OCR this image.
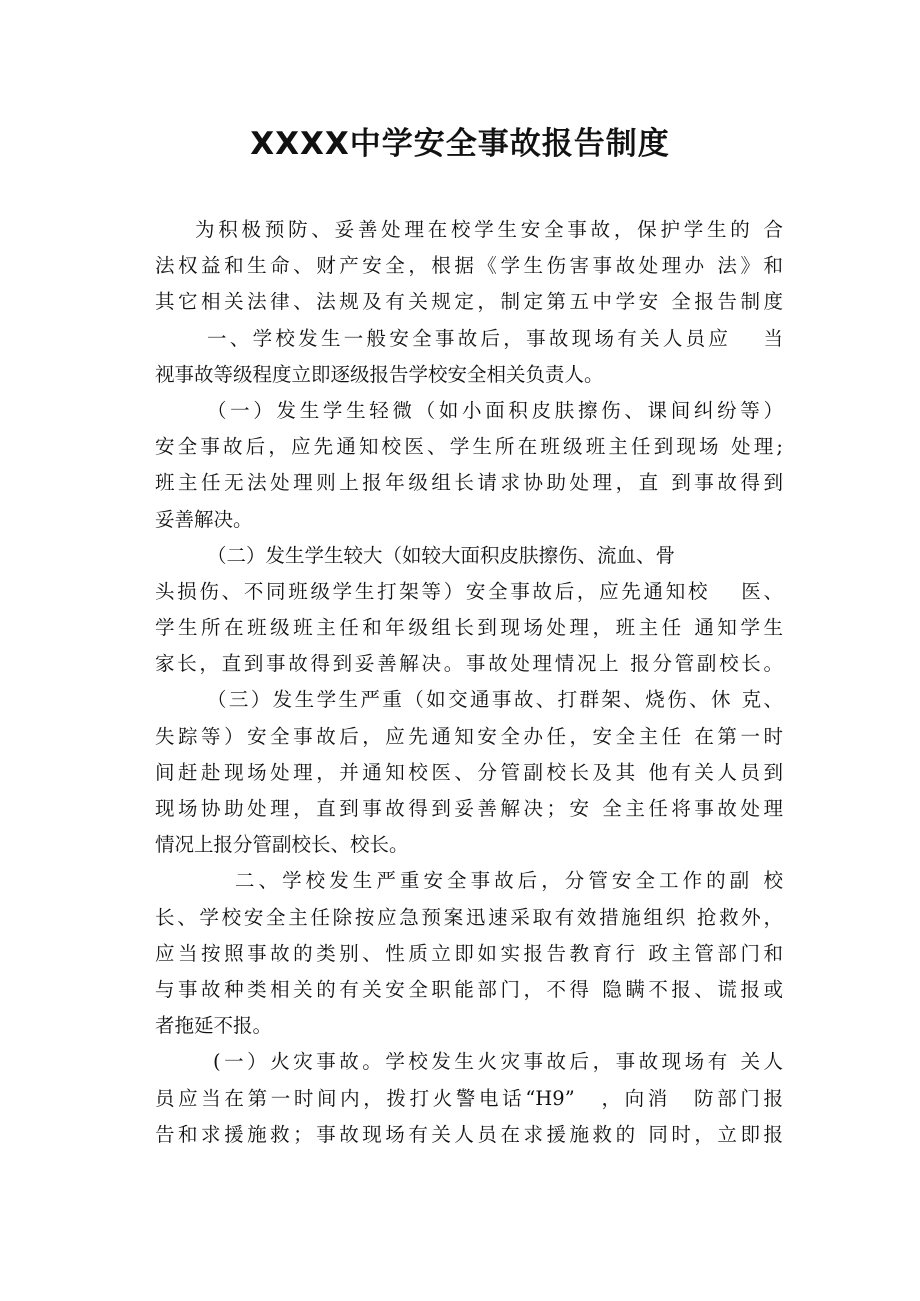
XXXX中学安全事故报告制度
为积极预防、妥善处理在校学生安全事故，保护学生的 合
法权益和生命、财产安全，根据《学生伤害事故处理办 法》和
其它相关法律、法规及有关规定，制定第五中学安 全报告制度
一、学校发生一般安全事故后，事故现场有关人员应 　当
视事故等级程度立即逐级报告学校安全相关负责人。
（一）发生学生轻微（如小面积皮肤擦伤、课间纠纷等）
安全事故后，应先通知校医、学生所在班级班主任到现场 处理;
班主任无法处理则上报年级组长请求协助处理，直 到事故得到
妥善解决。
（二）发生学生较大（如较大面积皮肤擦伤、流血、骨
头损伤、不同班级学生打架等）安全事故后，应先通知校 　医、
学生所在班级班主任和年级组长到现场处理，班主任 通知学生
家长，直到事故得到妥善解决。事故处理情况上 报分管副校长。
（三）发生学生严重（如交通事故、打群架、烧伤、休 克、
失踪等）安全事故后，应先通知安全办任，安全主任 在第一时
间赶赴现场处理，并通知校医、分管副校长及其 他有关人员到
现场协助处理，直到事故得到妥善解决；安 全主任将事故处理
情况上报分管副校长、校长。
二、学校发生严重安全事故后，分管安全工作的副 校
长、学校安全主任除按应急预案迅速采取有效措施组织 抢救外，
应当按照事故的类别、性质立即如实报告教育行 政主管部门和
与事故种类相关的有关安全职能部门，不得 隐瞒不报、谎报或
者拖延不报。
(一）火灾事故。学校发生火灾事故后，事故现场有 关人
员应当在第一时间内，拨打火警电话“H9”　，向消　防部门报
告和求援施救；事故现场有关人员在求援施救的 同时，立即报
